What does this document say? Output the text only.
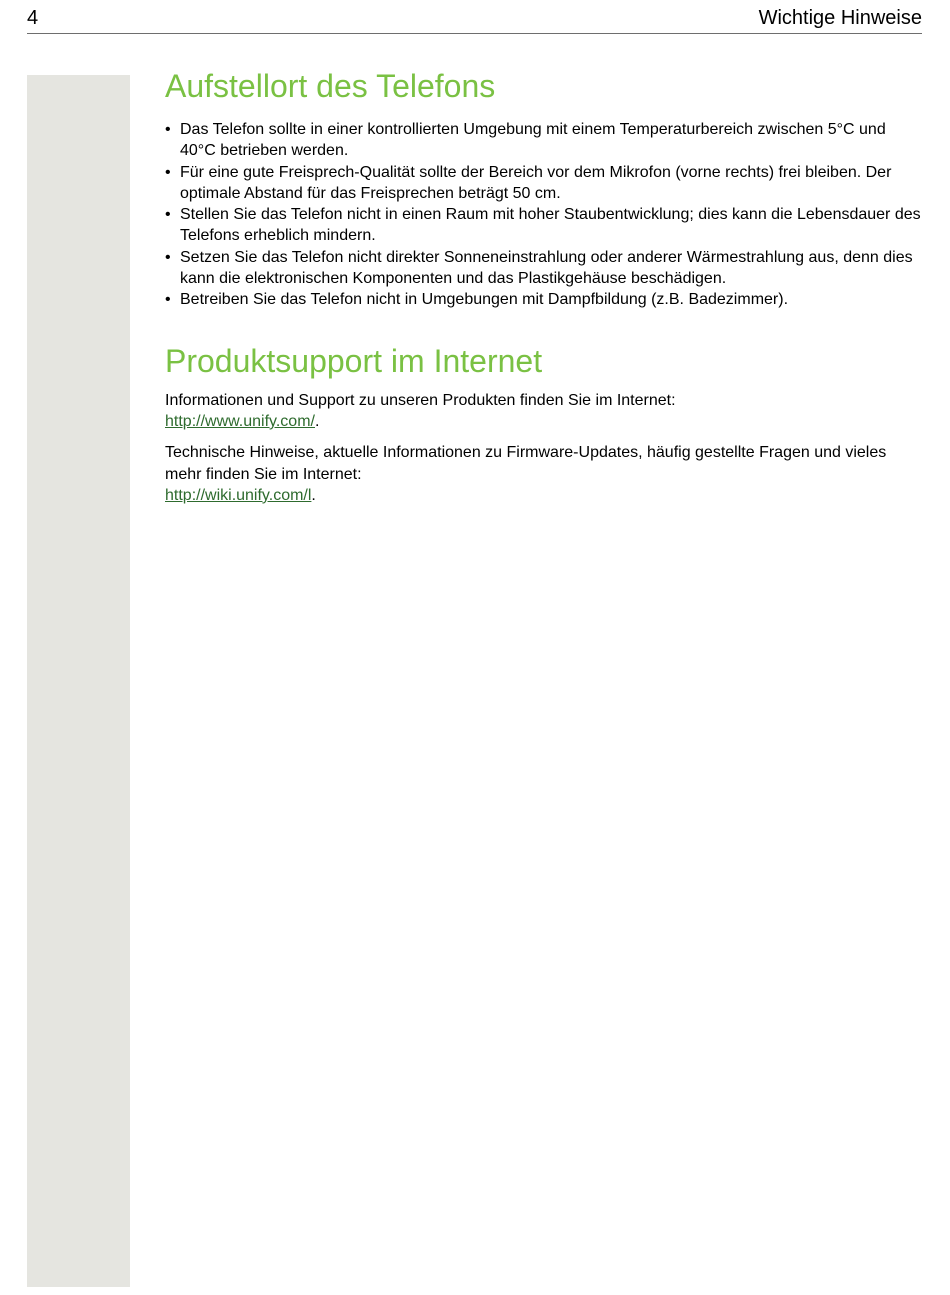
4	Wichtige Hinweise
Aufstellort des Telefons
• Das Telefon sollte in einer kontrollierten Umgebung mit einem Temperaturbereich zwischen 5°C und 40°C betrieben werden.
• Für eine gute Freisprech-Qualität sollte der Bereich vor dem Mikrofon (vorne rechts) frei bleiben. Der optimale Abstand für das Freisprechen beträgt 50 cm.
• Stellen Sie das Telefon nicht in einen Raum mit hoher Staubentwicklung; dies kann die Lebensdauer des Telefons erheblich mindern.
• Setzen Sie das Telefon nicht direkter Sonneneinstrahlung oder anderer Wärmestrahlung aus, denn dies kann die elektronischen Komponenten und das Plastikgehäuse beschädigen.
• Betreiben Sie das Telefon nicht in Umgebungen mit Dampfbildung (z.B. Badezimmer).
Produktsupport im Internet

Informationen und Support zu unseren Produkten finden Sie im Internet:
http://www.unify.com/.

Technische Hinweise, aktuelle Informationen zu Firmware-Updates, häufig gestellte Fragen und vieles mehr finden Sie im Internet:
http://wiki.unify.com/l.
